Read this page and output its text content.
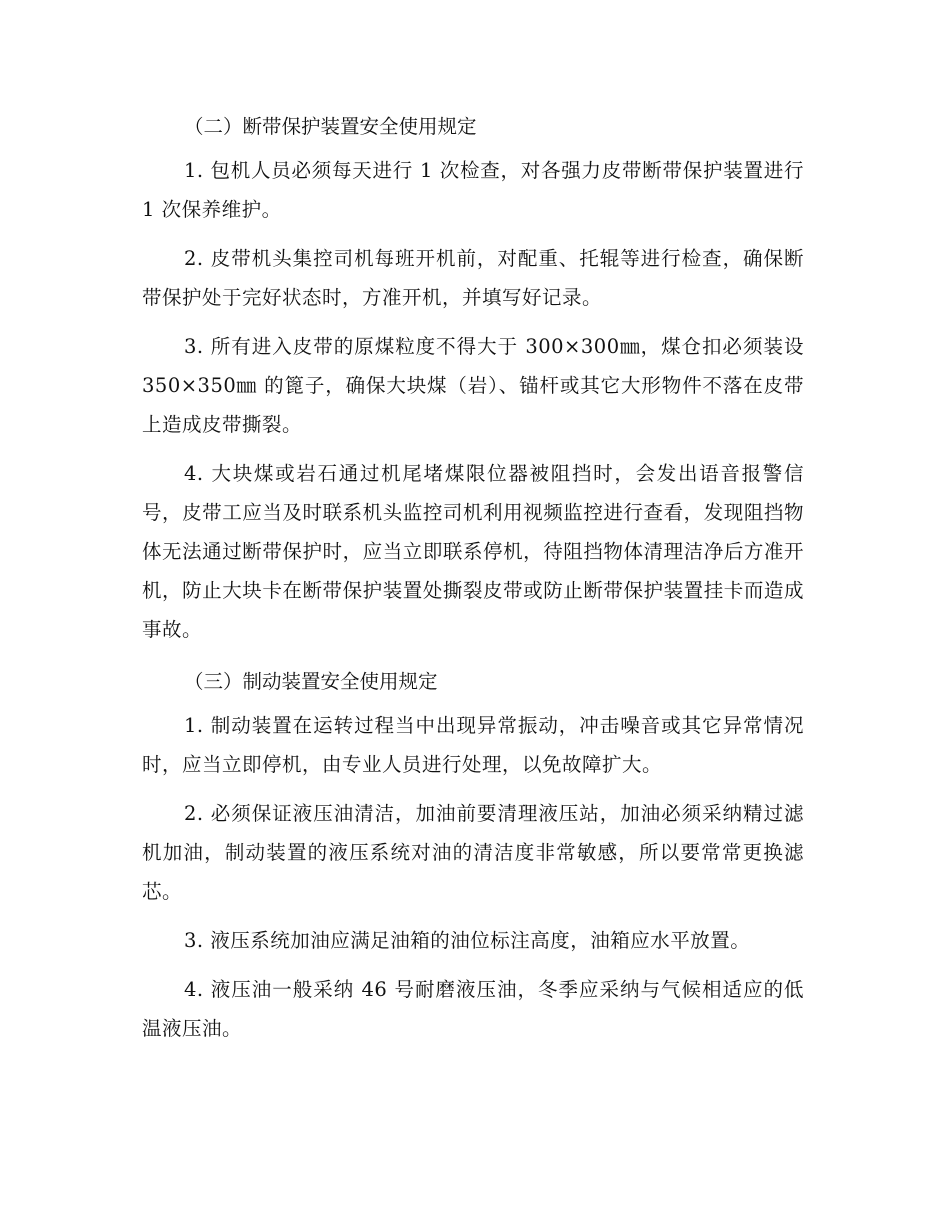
（二）断带保护装置安全使用规定

1. 包机人员必须每天进行 1 次检查，对各强力皮带断带保护装置进行 1 次保养维护。

2. 皮带机头集控司机每班开机前，对配重、托辊等进行检查，确保断带保护处于完好状态时，方准开机，并填写好记录。

3. 所有进入皮带的原煤粒度不得大于 300×300㎜，煤仓扣必须装设 350×350㎜ 的篦子，确保大块煤（岩）、锚杆或其它大形物件不落在皮带上造成皮带撕裂。

4. 大块煤或岩石通过机尾堵煤限位器被阻挡时，会发出语音报警信号，皮带工应当及时联系机头监控司机利用视频监控进行查看，发现阻挡物体无法通过断带保护时，应当立即联系停机，待阻挡物体清理洁净后方准开机，防止大块卡在断带保护装置处撕裂皮带或防止断带保护装置挂卡而造成事故。

（三）制动装置安全使用规定

1. 制动装置在运转过程当中出现异常振动，冲击噪音或其它异常情况时，应当立即停机，由专业人员进行处理，以免故障扩大。

2. 必须保证液压油清洁，加油前要清理液压站，加油必须采纳精过滤机加油，制动装置的液压系统对油的清洁度非常敏感，所以要常常更换滤芯。

3. 液压系统加油应满足油箱的油位标注高度，油箱应水平放置。

4. 液压油一般采纳 46 号耐磨液压油，冬季应采纳与气候相适应的低温液压油。
